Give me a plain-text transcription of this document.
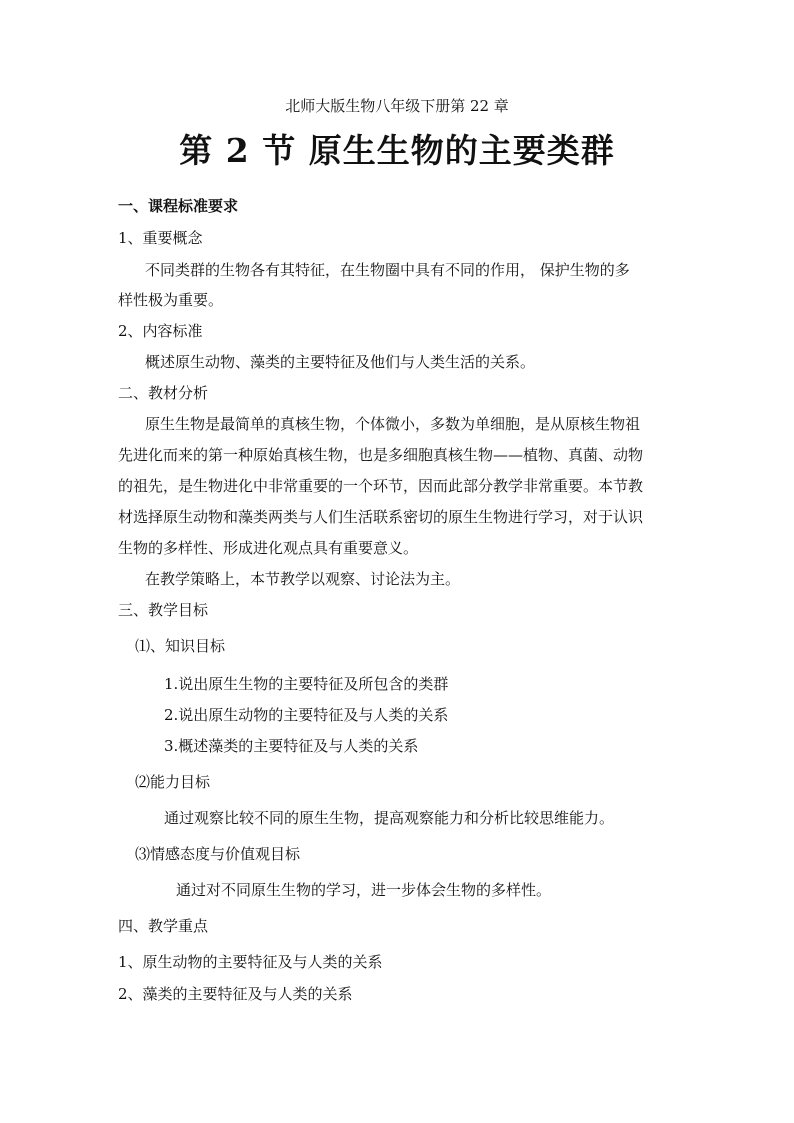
北师大版生物八年级下册第 22 章
第 2 节 原生生物的主要类群
一、课程标准要求
1、重要概念
不同类群的生物各有其特征，在生物圈中具有不同的作用， 保护生物的多
样性极为重要。
2、内容标准
概述原生动物、藻类的主要特征及他们与人类生活的关系。
二、教材分析
原生生物是最简单的真核生物，个体微小，多数为单细胞，是从原核生物祖
先进化而来的第一种原始真核生物，也是多细胞真核生物——植物、真菌、动物
的祖先，是生物进化中非常重要的一个环节，因而此部分教学非常重要。本节教
材选择原生动物和藻类两类与人们生活联系密切的原生生物进行学习，对于认识
生物的多样性、形成进化观点具有重要意义。
在教学策略上，本节教学以观察、讨论法为主。
三、教学目标
⑴、知识目标
1.说出原生生物的主要特征及所包含的类群
2.说出原生动物的主要特征及与人类的关系
3.概述藻类的主要特征及与人类的关系
⑵能力目标
通过观察比较不同的原生生物，提高观察能力和分析比较思维能力。
⑶情感态度与价值观目标
通过对不同原生生物的学习，进一步体会生物的多样性。
四、教学重点
1、原生动物的主要特征及与人类的关系
2、藻类的主要特征及与人类的关系
